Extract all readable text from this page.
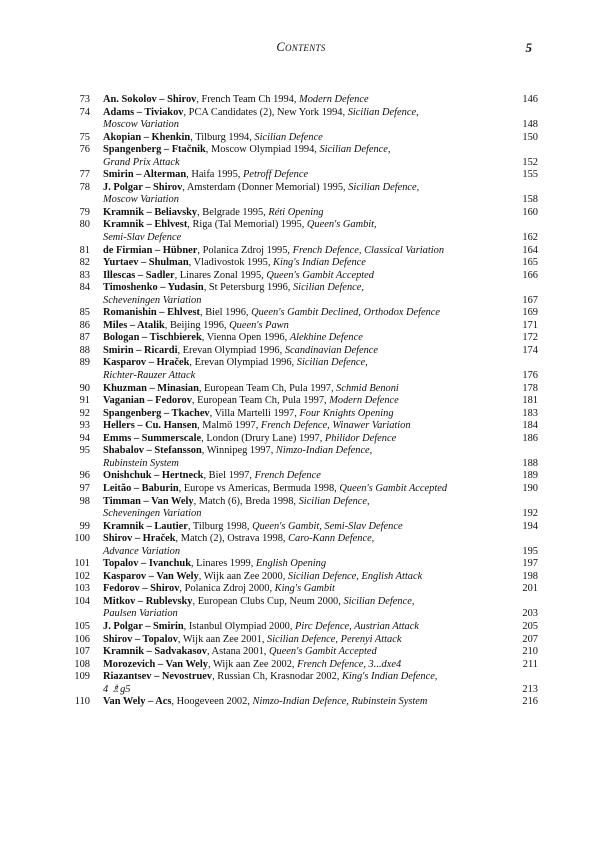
Contents	5
73 An. Sokolov – Shirov, French Team Ch 1994, Modern Defence	146
74 Adams – Tiviakov, PCA Candidates (2), New York 1994, Sicilian Defence,
Moscow Variation	148
75 Akopian – Khenkin, Tilburg 1994, Sicilian Defence	150
76 Spangenberg – Ftačnik, Moscow Olympiad 1994, Sicilian Defence,
Grand Prix Attack	152
77 Smirin – Alterman, Haifa 1995, Petroff Defence	155
78 J. Polgar – Shirov, Amsterdam (Donner Memorial) 1995, Sicilian Defence,
Moscow Variation	158
79 Kramnik – Beliavsky, Belgrade 1995, Réti Opening	160
80 Kramnik – Ehlvest, Riga (Tal Memorial) 1995, Queen's Gambit,
Semi-Slav Defence	162
81 de Firmian – Hübner, Polanica Zdroj 1995, French Defence, Classical Variation	164
82 Yurtaev – Shulman, Vladivostok 1995, King's Indian Defence	165
83 Illescas – Sadler, Linares Zonal 1995, Queen's Gambit Accepted	166
84 Timoshenko – Yudasin, St Petersburg 1996, Sicilian Defence,
Scheveningen Variation	167
85 Romanishin – Ehlvest, Biel 1996, Queen's Gambit Declined, Orthodox Defence	169
86 Miles – Atalik, Beijing 1996, Queen's Pawn	171
87 Bologan – Tischbierek, Vienna Open 1996, Alekhine Defence	172
88 Smirin – Ricardi, Erevan Olympiad 1996, Scandinavian Defence	174
89 Kasparov – Hraček, Erevan Olympiad 1996, Sicilian Defence,
Richter-Rauzer Attack	176
90 Khuzman – Minasian, European Team Ch, Pula 1997, Schmid Benoni	178
91 Vaganian – Fedorov, European Team Ch, Pula 1997, Modern Defence	181
92 Spangenberg – Tkachev, Villa Martelli 1997, Four Knights Opening	183
93 Hellers – Cu. Hansen, Malmö 1997, French Defence, Winawer Variation	184
94 Emms – Summerscale, London (Drury Lane) 1997, Philidor Defence	186
95 Shabalov – Stefansson, Winnipeg 1997, Nimzo-Indian Defence,
Rubinstein System	188
96 Onishchuk – Hertneck, Biel 1997, French Defence	189
97 Leitão – Baburin, Europe vs Americas, Bermuda 1998, Queen's Gambit Accepted	190
98 Timman – Van Wely, Match (6), Breda 1998, Sicilian Defence,
Scheveningen Variation	192
99 Kramnik – Lautier, Tilburg 1998, Queen's Gambit, Semi-Slav Defence	194
100 Shirov – Hraček, Match (2), Ostrava 1998, Caro-Kann Defence,
Advance Variation	195
101 Topalov – Ivanchuk, Linares 1999, English Opening	197
102 Kasparov – Van Wely, Wijk aan Zee 2000, Sicilian Defence, English Attack	198
103 Fedorov – Shirov, Polanica Zdroj 2000, King's Gambit	201
104 Mitkov – Rublevsky, European Clubs Cup, Neum 2000, Sicilian Defence,
Paulsen Variation	203
105 J. Polgar – Smirin, Istanbul Olympiad 2000, Pirc Defence, Austrian Attack	205
106 Shirov – Topalov, Wijk aan Zee 2001, Sicilian Defence, Perenyi Attack	207
107 Kramnik – Sadvakasov, Astana 2001, Queen's Gambit Accepted	210
108 Morozevich – Van Wely, Wijk aan Zee 2002, French Defence, 3...dxe4	211
109 Riazantsev – Nevostruev, Russian Ch, Krasnodar 2002, King's Indian Defence,
4 ♗g5	213
110 Van Wely – Acs, Hoogeveen 2002, Nimzo-Indian Defence, Rubinstein System	216
